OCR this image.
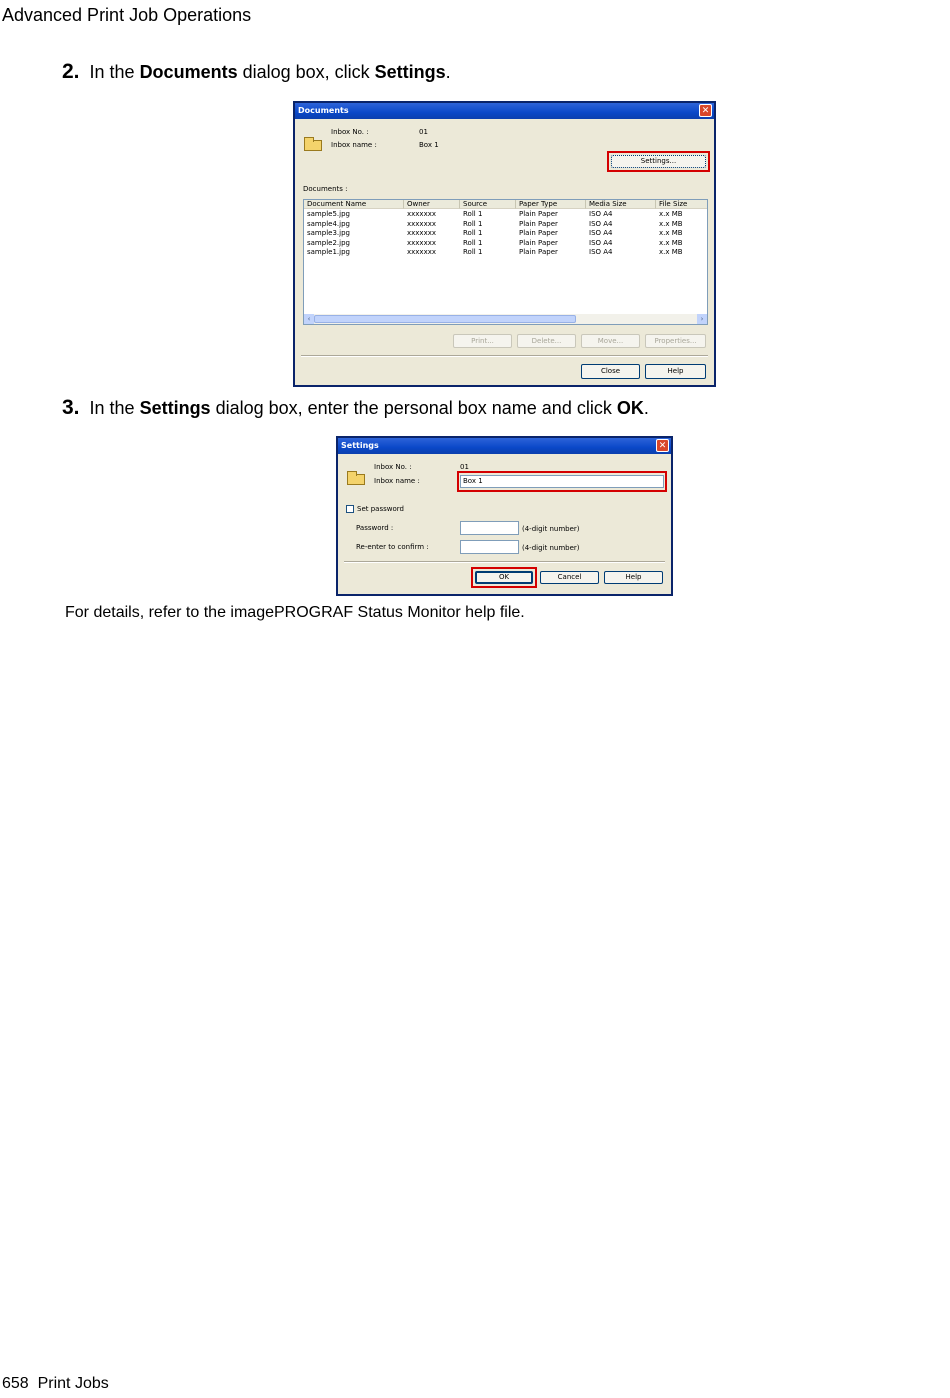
Advanced Print Job Operations
2. In the Documents dialog box, click Settings.
Documents	✕
Inbox No. :	01
Inbox name :	Box 1
Settings...
Documents :
Document Name	Owner	Source	Paper Type	Media Size	File Size
sample5.jpg	xxxxxxx	Roll 1	Plain Paper	ISO A4	x.x MB
sample4.jpg	xxxxxxx	Roll 1	Plain Paper	ISO A4	x.x MB
sample3.jpg	xxxxxxx	Roll 1	Plain Paper	ISO A4	x.x MB
sample2.jpg	xxxxxxx	Roll 1	Plain Paper	ISO A4	x.x MB
sample1.jpg	xxxxxxx	Roll 1	Plain Paper	ISO A4	x.x MB
‹	›
Print...	Delete...	Move...	Properties...
Close	Help
3. In the Settings dialog box, enter the personal box name and click OK.
Settings	✕
Inbox No. :	01
Inbox name :	Box 1
Set password
Password :	(4-digit number)
Re-enter to confirm :	(4-digit number)
OK	Cancel	Help
For details, refer to the imagePROGRAF Status Monitor help file.
658 Print Jobs
